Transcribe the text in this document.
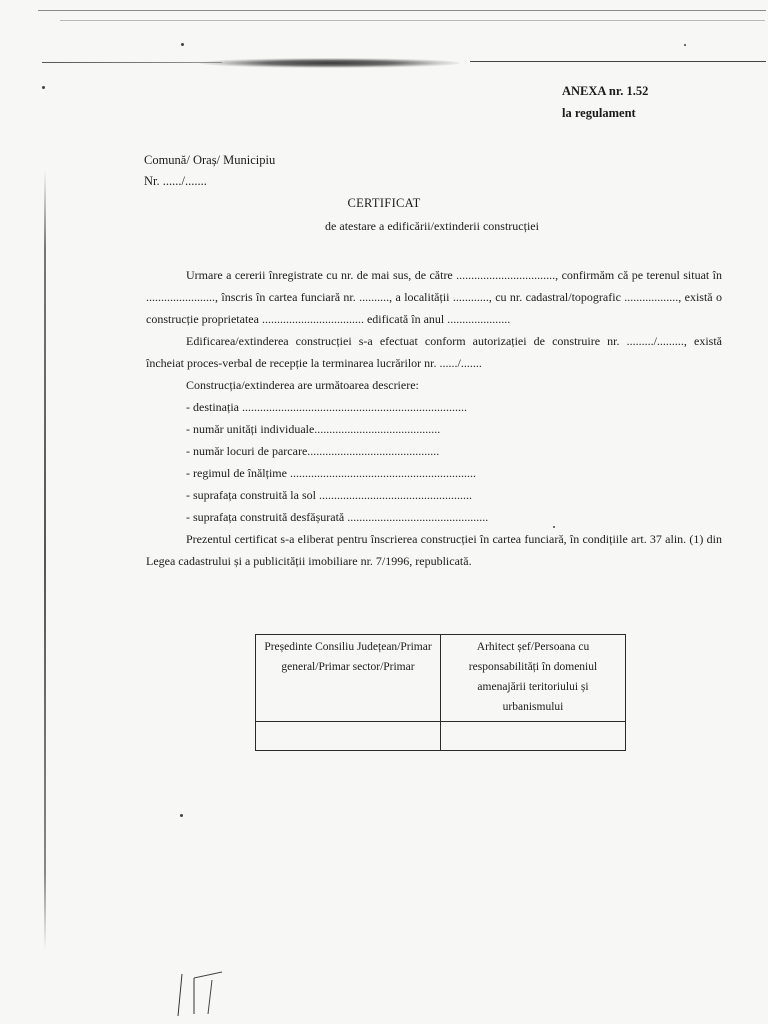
ANEXA nr. 1.52
la regulament
Comună/ Oraș/ Municipiu
Nr. ....../.......
CERTIFICAT
de atestare a edificării/extinderii construcției

Urmare a cererii înregistrate cu nr. de mai sus, de către ................................., confirmăm că pe terenul situat în ......................., înscris în cartea funciară nr. .........., a localității ............, cu nr. cadastral/topografic .................., există o construcție proprietatea .................................. edificată în anul .....................

Edificarea/extinderea construcției s-a efectuat conform autorizației de construire nr. ........./........., există încheiat proces-verbal de recepție la terminarea lucrărilor nr. ....../.......

Construcția/extinderea are următoarea descriere:

- destinația ...........................................................................

- număr unități individuale..........................................

- număr locuri de parcare............................................

- regimul de înălțime ..............................................................

- suprafața construită la sol ...................................................

- suprafața construită desfășurată ...............................................

Prezentul certificat s-a eliberat pentru înscrierea construcției în cartea funciară, în condițiile art. 37 alin. (1) din Legea cadastrului și a publicității imobiliare nr. 7/1996, republicată.

Președinte Consiliu Județean/Primar general/Primar sector/Primar	Arhitect șef/Persoana cu responsabilități în domeniul amenajării teritoriului și urbanismului
